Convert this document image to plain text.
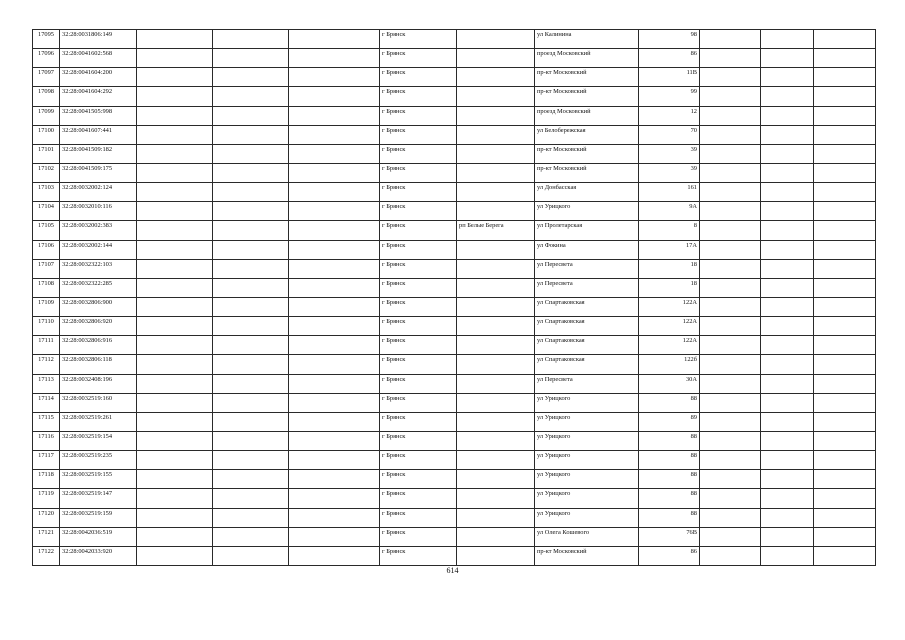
17095	32:28:0031806:149				г Брянск		ул Калинина	98			
17096	32:28:0041602:568				г Брянск		проезд Московский	86			
17097	32:28:0041604:200				г Брянск		пр-кт Московский	11В			
17098	32:28:0041604:292				г Брянск		пр-кт Московский	99			
17099	32:28:0041505:998				г Брянск		проезд Московский	12			
17100	32:28:0041607:441				г Брянск		ул Белобережская	70			
17101	32:28:0041509:182				г Брянск		пр-кт Московский	39			
17102	32:28:0041509:175				г Брянск		пр-кт Московский	39			
17103	32:28:0032002:124				г Брянск		ул Донбасская	161			
17104	32:28:0032010:116				г Брянск		ул Урицкого	9А			
17105	32:28:0032002:383				г Брянск	рп Белые Берега	ул Пролетарская	8			
17106	32:28:0032002:144				г Брянск		ул Фокина	17А			
17107	32:28:0032322:103				г Брянск		ул Пересвета	18			
17108	32:28:0032322:285				г Брянск		ул Пересвета	18			
17109	32:28:0032806:900				г Брянск		ул Спартаковская	122А			
17110	32:28:0032806:920				г Брянск		ул Спартаковская	122А			
17111	32:28:0032806:916				г Брянск		ул Спартаковская	122А			
17112	32:28:0032806:118				г Брянск		ул Спартаковская	122б			
17113	32:28:0032408:196				г Брянск		ул Пересвета	30А			
17114	32:28:0032519:160				г Брянск		ул Урицкого	88			
17115	32:28:0032519:261				г Брянск		ул Урицкого	89			
17116	32:28:0032519:154				г Брянск		ул Урицкого	88			
17117	32:28:0032519:235				г Брянск		ул Урицкого	88			
17118	32:28:0032519:155				г Брянск		ул Урицкого	88			
17119	32:28:0032519:147				г Брянск		ул Урицкого	88			
17120	32:28:0032519:159				г Брянск		ул Урицкого	88			
17121	32:28:0042036:519				г Брянск		ул Олега Кошевого	76В			
17122	32:28:0042033:920				г Брянск		пр-кт Московский	86			
614
